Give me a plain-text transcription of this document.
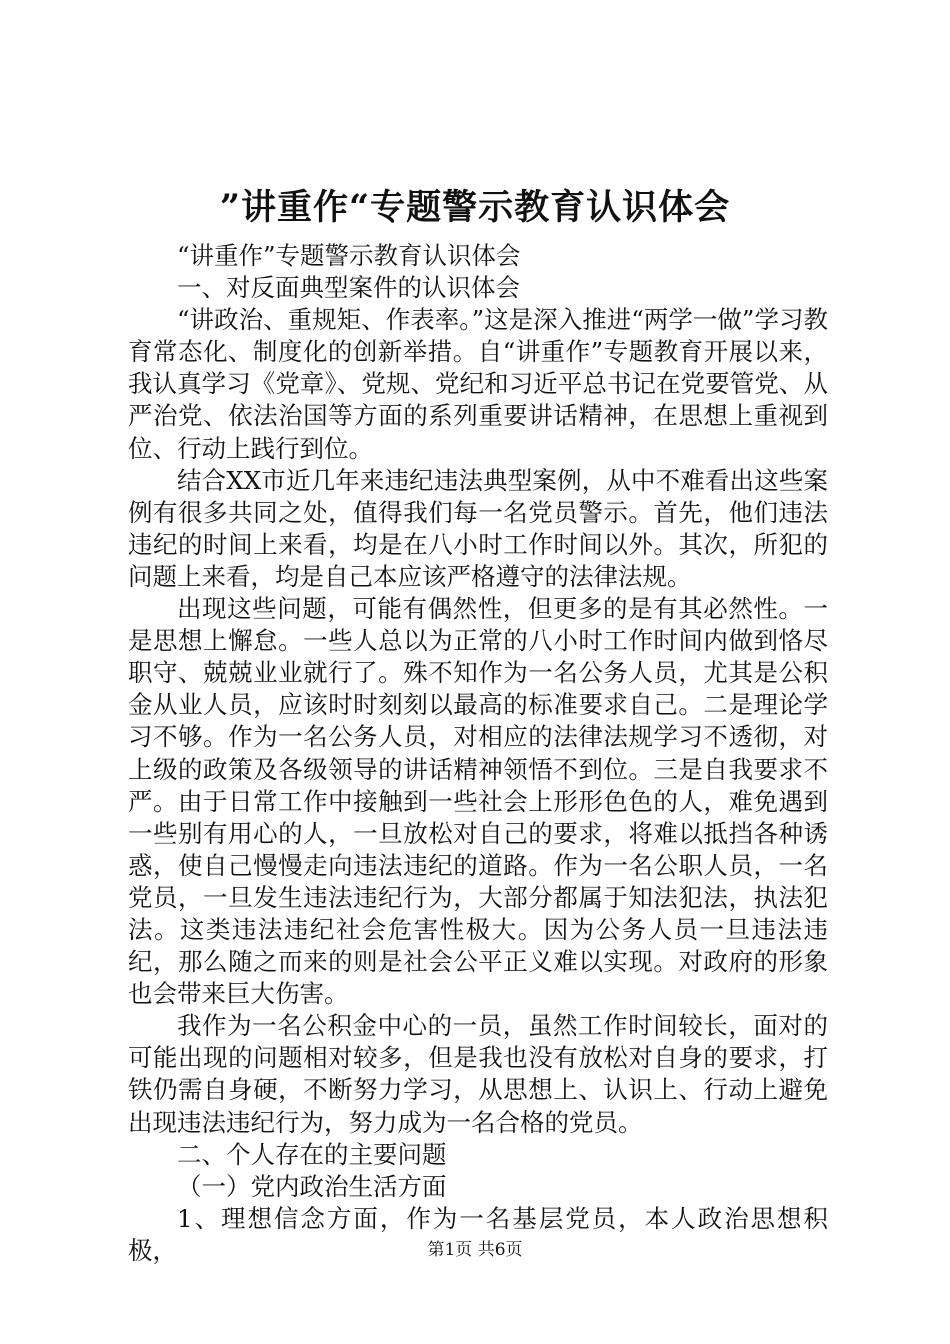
”讲重作“专题警示教育认识体会

“讲重作”专题警示教育认识体会

一、对反面典型案件的认识体会

“讲政治、重规矩、作表率。”这是深入推进“两学一做”学习教育常态化、制度化的创新举措。自“讲重作”专题教育开展以来，我认真学习《党章》、党规、党纪和习近平总书记在党要管党、从严治党、依法治国等方面的系列重要讲话精神，在思想上重视到位、行动上践行到位。

结合XX市近几年来违纪违法典型案例，从中不难看出这些案例有很多共同之处，值得我们每一名党员警示。首先，他们违法违纪的时间上来看，均是在八小时工作时间以外。其次，所犯的问题上来看，均是自己本应该严格遵守的法律法规。

出现这些问题，可能有偶然性，但更多的是有其必然性。一是思想上懈怠。一些人总以为正常的八小时工作时间内做到恪尽职守、兢兢业业就行了。殊不知作为一名公务人员，尤其是公积金从业人员，应该时时刻刻以最高的标准要求自己。二是理论学习不够。作为一名公务人员，对相应的法律法规学习不透彻，对上级的政策及各级领导的讲话精神领悟不到位。三是自我要求不严。由于日常工作中接触到一些社会上形形色色的人，难免遇到一些别有用心的人，一旦放松对自己的要求，将难以抵挡各种诱惑，使自己慢慢走向违法违纪的道路。作为一名公职人员，一名党员，一旦发生违法违纪行为，大部分都属于知法犯法，执法犯法。这类违法违纪社会危害性极大。因为公务人员一旦违法违纪，那么随之而来的则是社会公平正义难以实现。对政府的形象也会带来巨大伤害。

我作为一名公积金中心的一员，虽然工作时间较长，面对的可能出现的问题相对较多，但是我也没有放松对自身的要求，打铁仍需自身硬，不断努力学习，从思想上、认识上、行动上避免出现违法违纪行为，努力成为一名合格的党员。

二、个人存在的主要问题

（一）党内政治生活方面

1、理想信念方面，作为一名基层党员，本人政治思想积极，	第1页 共6页
